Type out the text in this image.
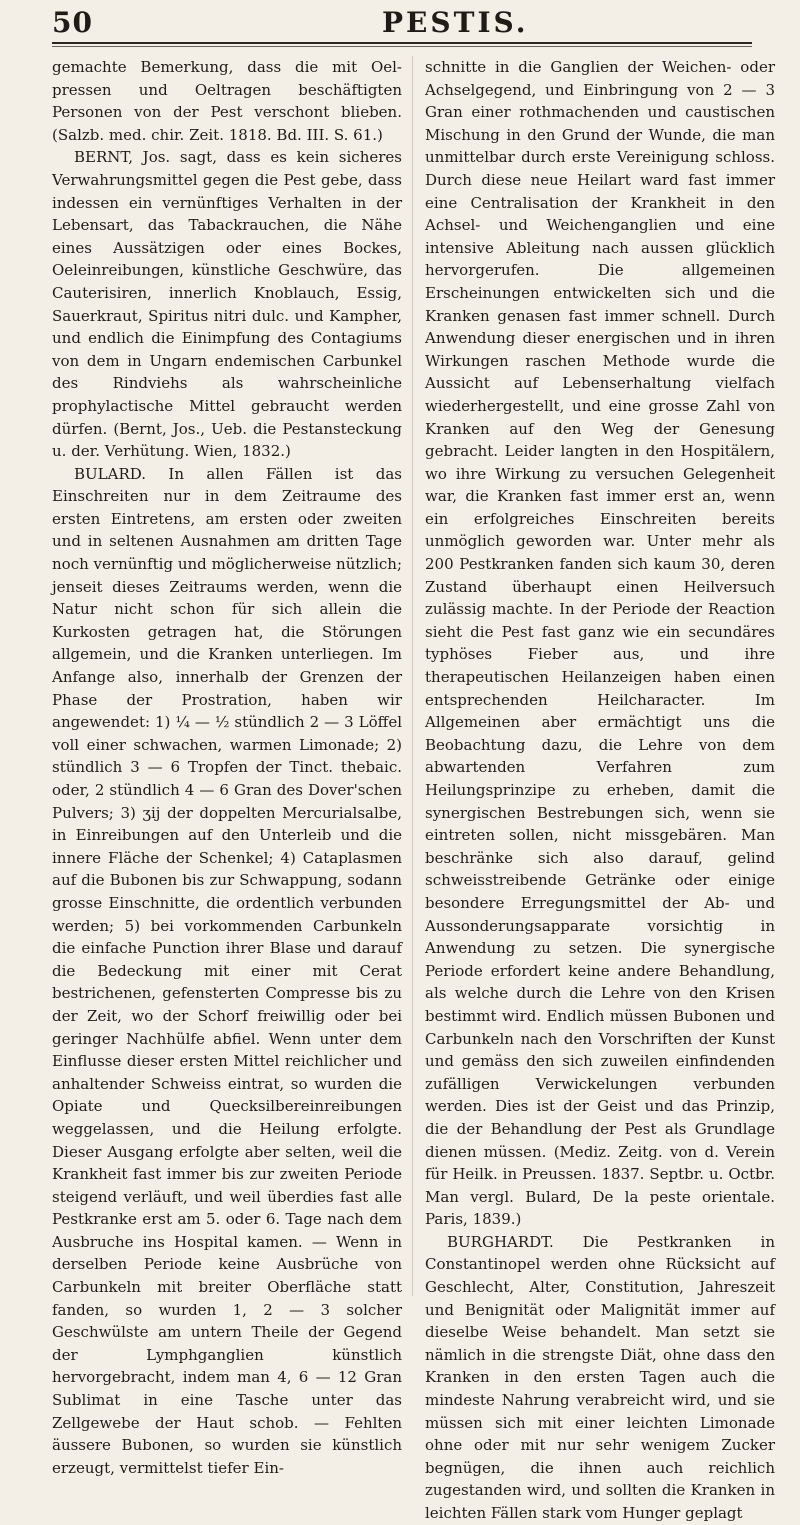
50	PESTIS.

gemachte Bemerkung, dass die mit Oel-pressen und Oeltragen beschäftigten Personen von der Pest verschont blieben. (Salzb. med. chir. Zeit. 1818. Bd. III. S. 61.)

BERNT, Jos. sagt, dass es kein sicheres Verwahrungsmittel gegen die Pest gebe, dass indessen ein vernünftiges Verhalten in der Lebensart, das Tabackrauchen, die Nähe eines Aussätzigen oder eines Bockes, Oeleinreibungen, künstliche Geschwüre, das Cauterisiren, innerlich Knoblauch, Essig, Sauerkraut, Spiritus nitri dulc. und Kampher, und endlich die Einimpfung des Contagiums von dem in Ungarn endemischen Carbunkel des Rindviehs als wahrscheinliche prophylactische Mittel gebraucht werden dürfen. (Bernt, Jos., Ueb. die Pestansteckung u. der. Verhütung. Wien, 1832.)

BULARD. In allen Fällen ist das Einschreiten nur in dem Zeitraume des ersten Eintretens, am ersten oder zweiten und in seltenen Ausnahmen am dritten Tage noch vernünftig und möglicherweise nützlich; jenseit dieses Zeitraums werden, wenn die Natur nicht schon für sich allein die Kurkosten getragen hat, die Störungen allgemein, und die Kranken unterliegen. Im Anfange also, innerhalb der Grenzen der Phase der Prostration, haben wir angewendet: 1) ¼ — ½ stündlich 2 — 3 Löffel voll einer schwachen, warmen Limonade; 2) stündlich 3 — 6 Tropfen der Tinct. thebaic. oder, 2 stündlich 4 — 6 Gran des Dover'schen Pulvers; 3) ʒij der doppelten Mercurialsalbe, in Einreibungen auf den Unterleib und die innere Fläche der Schenkel; 4) Cataplasmen auf die Bubonen bis zur Schwappung, sodann grosse Einschnitte, die ordentlich verbunden werden; 5) bei vorkommenden Carbunkeln die einfache Punction ihrer Blase und darauf die Bedeckung mit einer mit Cerat bestrichenen, gefensterten Compresse bis zu der Zeit, wo der Schorf freiwillig oder bei geringer Nachhülfe abfiel. Wenn unter dem Einflusse dieser ersten Mittel reichlicher und anhaltender Schweiss eintrat, so wurden die Opiate und Quecksilbereinreibungen weggelassen, und die Heilung erfolgte. Dieser Ausgang erfolgte aber selten, weil die Krankheit fast immer bis zur zweiten Periode steigend verläuft, und weil überdies fast alle Pestkranke erst am 5. oder 6. Tage nach dem Ausbruche ins Hospital kamen. — Wenn in derselben Periode keine Ausbrüche von Carbunkeln mit breiter Oberfläche statt fanden, so wurden 1, 2 — 3 solcher Geschwülste am untern Theile der Gegend der Lymphganglien künstlich hervorgebracht, indem man 4, 6 — 12 Gran Sublimat in eine Tasche unter das Zellgewebe der Haut schob. — Fehlten äussere Bubonen, so wurden sie künstlich erzeugt, vermittelst tiefer Ein-

schnitte in die Ganglien der Weichen- oder Achselgegend, und Einbringung von 2 — 3 Gran einer rothmachenden und caustischen Mischung in den Grund der Wunde, die man unmittelbar durch erste Vereinigung schloss. Durch diese neue Heilart ward fast immer eine Centralisation der Krankheit in den Achsel- und Weichenganglien und eine intensive Ableitung nach aussen glücklich hervorgerufen. Die allgemeinen Erscheinungen entwickelten sich und die Kranken genasen fast immer schnell. Durch Anwendung dieser energischen und in ihren Wirkungen raschen Methode wurde die Aussicht auf Lebenserhaltung vielfach wiederhergestellt, und eine grosse Zahl von Kranken auf den Weg der Genesung gebracht. Leider langten in den Hospitälern, wo ihre Wirkung zu versuchen Gelegenheit war, die Kranken fast immer erst an, wenn ein erfolgreiches Einschreiten bereits unmöglich geworden war. Unter mehr als 200 Pestkranken fanden sich kaum 30, deren Zustand überhaupt einen Heilversuch zulässig machte. In der Periode der Reaction sieht die Pest fast ganz wie ein secundäres typhöses Fieber aus, und ihre therapeutischen Heilanzeigen haben einen entsprechenden Heilcharacter. Im Allgemeinen aber ermächtigt uns die Beobachtung dazu, die Lehre von dem abwartenden Verfahren zum Heilungsprinzipe zu erheben, damit die synergischen Bestrebungen sich, wenn sie eintreten sollen, nicht missgebären. Man beschränke sich also darauf, gelind schweisstreibende Getränke oder einige besondere Erregungsmittel der Ab- und Aussonderungsapparate vorsichtig in Anwendung zu setzen. Die synergische Periode erfordert keine andere Behandlung, als welche durch die Lehre von den Krisen bestimmt wird. Endlich müssen Bubonen und Carbunkeln nach den Vorschriften der Kunst und gemäss den sich zuweilen einfindenden zufälligen Verwickelungen verbunden werden. Dies ist der Geist und das Prinzip, die der Behandlung der Pest als Grundlage dienen müssen. (Mediz. Zeitg. von d. Verein für Heilk. in Preussen. 1837. Septbr. u. Octbr. Man vergl. Bulard, De la peste orientale. Paris, 1839.)

BURGHARDT. Die Pestkranken in Constantinopel werden ohne Rücksicht auf Geschlecht, Alter, Constitution, Jahreszeit und Benignität oder Malignität immer auf dieselbe Weise behandelt. Man setzt sie nämlich in die strengste Diät, ohne dass den Kranken in den ersten Tagen auch die mindeste Nahrung verabreicht wird, und sie müssen sich mit einer leichten Limonade ohne oder mit nur sehr wenigem Zucker begnügen, die ihnen auch reichlich zugestanden wird, und sollten die Kranken in leichten Fällen stark vom Hunger geplagt
